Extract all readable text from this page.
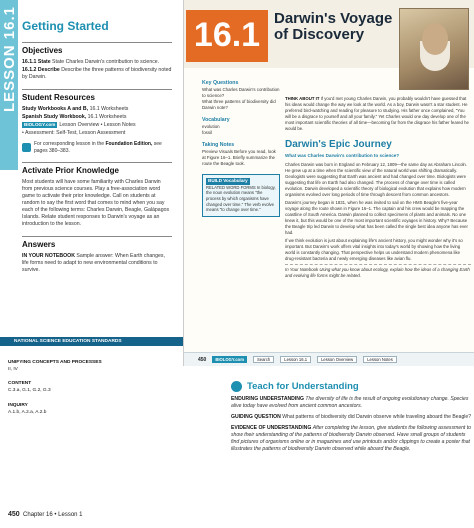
LESSON 16.1 Getting Started
Objectives

16.1.1 State State Charles Darwin's contribution to science.

16.1.2 Describe Describe the three patterns of biodiversity noted by Darwin.

Student Resources

Study Workbooks A and B, 16.1 Worksheets

Spanish Study Workbook, 16.1 Worksheets

BIOLOGY.com Lesson Overview • Lesson Notes

• Assessment: Self-Test, Lesson Assessment

For corresponding lesson in the Foundation Edition, see pages 380–383.
Activate Prior Knowledge

Most students will have some familiarity with Charles Darwin from previous science courses. Play a free-association word game to activate their prior knowledge. Call on students at random to say the first word that comes to mind when you say each of the following terms: Charles Darwin, Beagle, Galápagos Islands. Relate student responses to Darwin's voyage as an introduction to the lesson.

Answers

IN YOUR NOTEBOOK Sample answer: When Earth changes, life forms need to adapt to new environmental conditions to survive.

NATIONAL SCIENCE EDUCATION STANDARDS
UNIFYING CONCEPTS AND PROCESSES
II, IV
CONTENT
C.3.a, G.1, G.2, G.3
INQUIRY
A.1.b, A.2.a, A.2.b
450 Chapter 16 • Lesson 1
16.1 Darwin's Voyage of Discovery
Key Questions

What was Charles Darwin's contribution to science?

What three patterns of biodiversity did Darwin note?

Vocabulary

evolution

fossil

Taking Notes

Preview Visuals Before you read, look at Figure 16–1. Briefly summarize the route the Beagle took.

BUILD Vocabulary

RELATED WORD FORMS In biology, the noun evolution means "the process by which organisms have changed over time." The verb evolve means "to change over time."

THINK ABOUT IT If you'd met young Charles Darwin, you probably wouldn't have guessed that his ideas would change the way we look at the world. As a boy, Darwin wasn't a star student. He preferred bird-watching and reading for pleasure to studying. His father once complained, "You will be a disgrace to yourself and all your family." Yet Charles would one day develop one of the most important scientific theories of all time—becoming far from the disgrace his father feared he would be.

Darwin's Epic Journey
What was Charles Darwin's contribution to science?

Charles Darwin was born in England on February 12, 1809—the same day as Abraham Lincoln. He grew up at a time when the scientific view of the natural world was shifting dramatically. Geologists were suggesting that Earth was ancient and had changed over time. Biologists were suggesting that life on Earth had also changed. The process of change over time is called evolution. Darwin developed a scientific theory of biological evolution that explains how modern organisms evolved over long periods of time through descent from common ancestors.

Darwin's journey began in 1831, when he was invited to sail on the HMS Beagle's five-year voyage along the route shown in Figure 16–1. The captain and his crew would be mapping the coastline of South America. Darwin planned to collect specimens of plants and animals. No one knew it, but this would be one of the most important scientific voyages in history. Why? Because the Beagle trip led Darwin to develop what has been called the single best idea anyone has ever had.

If we think evolution is just about explaining life's ancient history, you might wonder why it's so important. But Darwin's work offers vital insights into today's world by showing how the living world is constantly changing. That perspective helps us understand modern phenomena like drug-resistant bacteria and newly emerging diseases like avian flu.

In Your Notebook Using what you know about ecology, explain how the ideas of a changing Earth and evolving life forms might be related.

450	BIOLOGY.com	Search	Lesson 16.1	Lesson Overview	Lesson Notes
Teach for Understanding

ENDURING UNDERSTANDING The diversity of life is the result of ongoing evolutionary change. Species alive today have evolved from ancient common ancestors.

GUIDING QUESTION What patterns of biodiversity did Darwin observe while traveling aboard the Beagle?

EVIDENCE OF UNDERSTANDING After completing the lesson, give students the following assessment to show their understanding of the patterns of biodiversity Darwin observed. Have small groups of students find pictures of organisms online or in magazines and use printouts and/or clippings to create a poster that illustrates the patterns of biodiversity Darwin observed while aboard the Beagle.
